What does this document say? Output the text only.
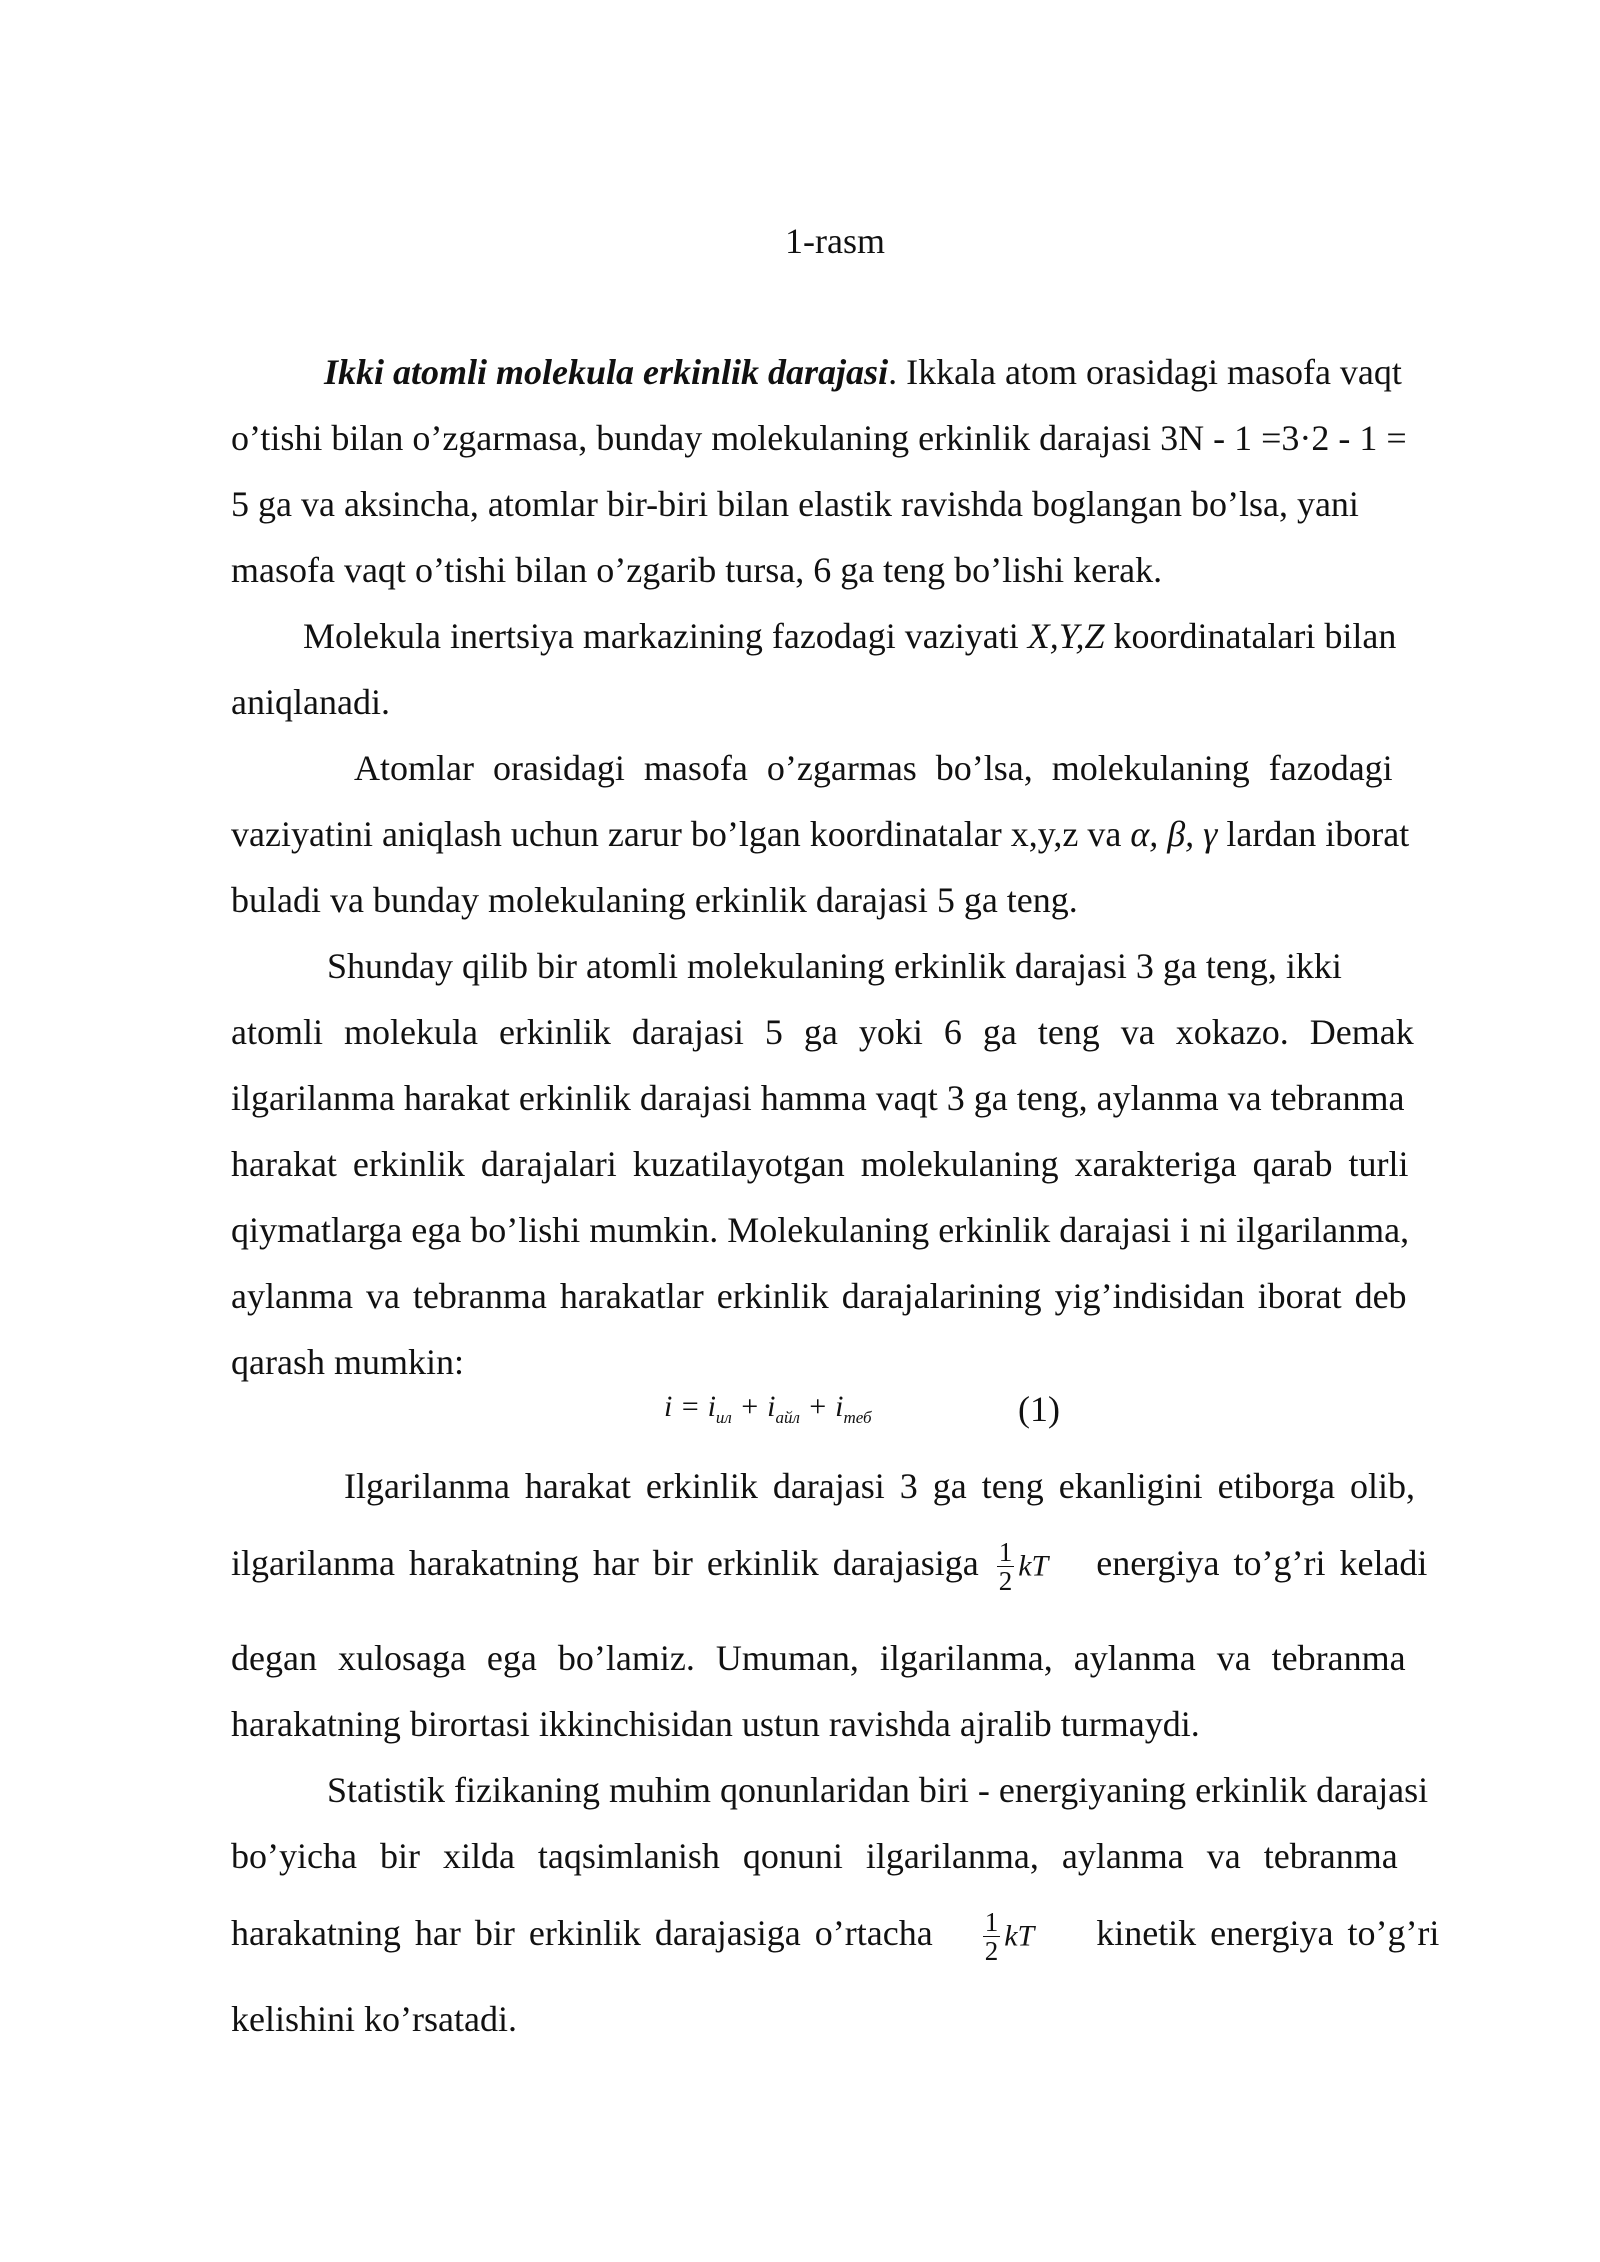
1-rasm
Ikki atomli molekula erkinlik darajasi. Ikkala atom orasidagi masofa vaqt
o’tishi bilan o’zgarmasa, bunday molekulaning erkinlik darajasi 3N - 1 =3·2 - 1 =
5 ga va aksincha, atomlar bir-biri bilan elastik ravishda boglangan bo’lsa, yani
masofa vaqt o’tishi bilan o’zgarib tursa, 6 ga teng bo’lishi kerak.
Molekula inertsiya markazining fazodagi vaziyati X,Y,Z koordinatalari bilan
aniqlanadi.
Atomlar orasidagi masofa o’zgarmas bo’lsa, molekulaning fazodagi
vaziyatini aniqlash uchun zarur bo’lgan koordinatalar x,y,z va α, β, γ lardan iborat
buladi va bunday molekulaning erkinlik darajasi 5 ga teng.
Shunday qilib bir atomli molekulaning erkinlik darajasi 3 ga teng, ikki
atomli molekula erkinlik darajasi 5 ga yoki 6 ga teng va xokazo. Demak
ilgarilanma harakat erkinlik darajasi hamma vaqt 3 ga teng, aylanma va tebranma
harakat erkinlik darajalari kuzatilayotgan molekulaning xarakteriga qarab turli
qiymatlarga ega bo’lishi mumkin. Molekulaning erkinlik darajasi i ni ilgarilanma,
aylanma va tebranma harakatlar erkinlik darajalarining yig’indisidan iborat deb
qarash mumkin:
$i = i_{ил} + i_{айл} + i_{теб}$	(1)
Ilgarilanma harakat erkinlik darajasi 3 ga teng ekanligini etiborga olib,
ilgarilanma harakatning har bir erkinlik darajasiga $\frac{1}{2}$ kT energiya to’g’ri keladi
degan xulosaga ega bo’lamiz. Umuman, ilgarilanma, aylanma va tebranma
harakatning birortasi ikkinchisidan ustun ravishda ajralib turmaydi.
Statistik fizikaning muhim qonunlaridan biri - energiyaning erkinlik darajasi
bo’yicha bir xilda taqsimlanish qonuni ilgarilanma, aylanma va tebranma
harakatning har bir erkinlik darajasiga o’rtacha $\frac{1}{2}$ kT kinetik energiya to’g’ri
kelishini ko’rsatadi.
